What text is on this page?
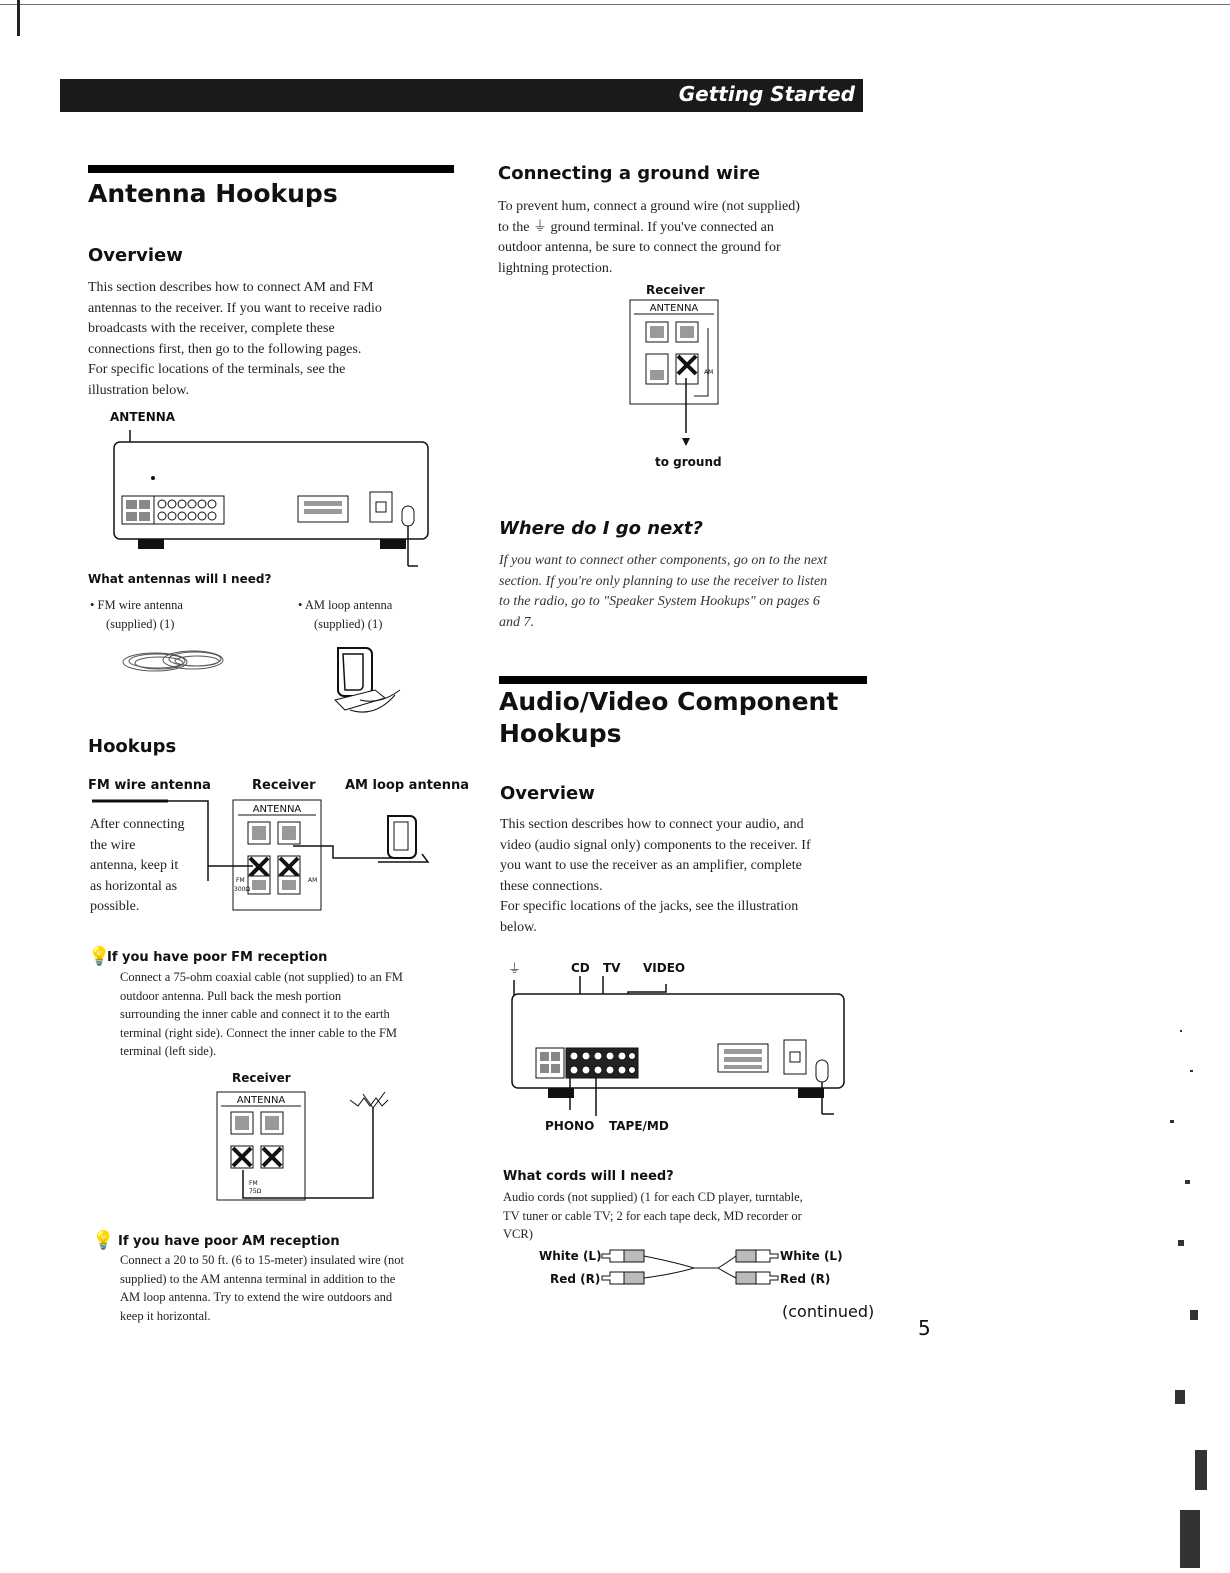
Getting Started
Antenna Hookups
Overview
This section describes how to connect AM and FM
antennas to the receiver. If you want to receive radio
broadcasts with the receiver, complete these
connections first, then go to the following pages.
For specific locations of the terminals, see the
illustration below.
ANTENNA
What antennas will I need?
• FM wire antenna
(supplied) (1)
• AM loop antenna
(supplied) (1)
Hookups
FM wire antenna	Receiver AM loop antenna
After connecting
the wire
antenna, keep it
as horizontal as
possible.
ANTENNA
FM
300Ω
AM
💡
If you have poor FM reception
Connect a 75-ohm coaxial cable (not supplied) to an FM
outdoor antenna. Pull back the mesh portion
surrounding the inner cable and connect it to the earth
terminal (right side). Connect the inner cable to the FM
terminal (left side).
Receiver
ANTENNA
FM
75Ω
💡 If you have poor AM reception
Connect a 20 to 50 ft. (6 to 15-meter) insulated wire (not
supplied) to the AM antenna terminal in addition to the
AM loop antenna. Try to extend the wire outdoors and
keep it horizontal.
Connecting a ground wire
To prevent hum, connect a ground wire (not supplied)
to the ⏚ ground terminal. If you've connected an
outdoor antenna, be sure to connect the ground for
lightning protection.
Receiver
ANTENNA
AM
to ground
Where do I go next?
If you want to connect other components, go on to the next
section. If you're only planning to use the receiver to listen
to the radio, go to "Speaker System Hookups" on pages 6
and 7.
Audio/Video Component
Hookups
Overview
This section describes how to connect your audio, and
video (audio signal only) components to the receiver. If
you want to use the receiver as an amplifier, complete
these connections.
For specific locations of the jacks, see the illustration
below.
⏚	CD TV VIDEO
PHONO TAPE/MD
What cords will I need?
Audio cords (not supplied) (1 for each CD player, turntable,
TV tuner or cable TV; 2 for each tape deck, MD recorder or
VCR)
White (L)
Red (R)
White (L)
Red (R)
(continued)
5
